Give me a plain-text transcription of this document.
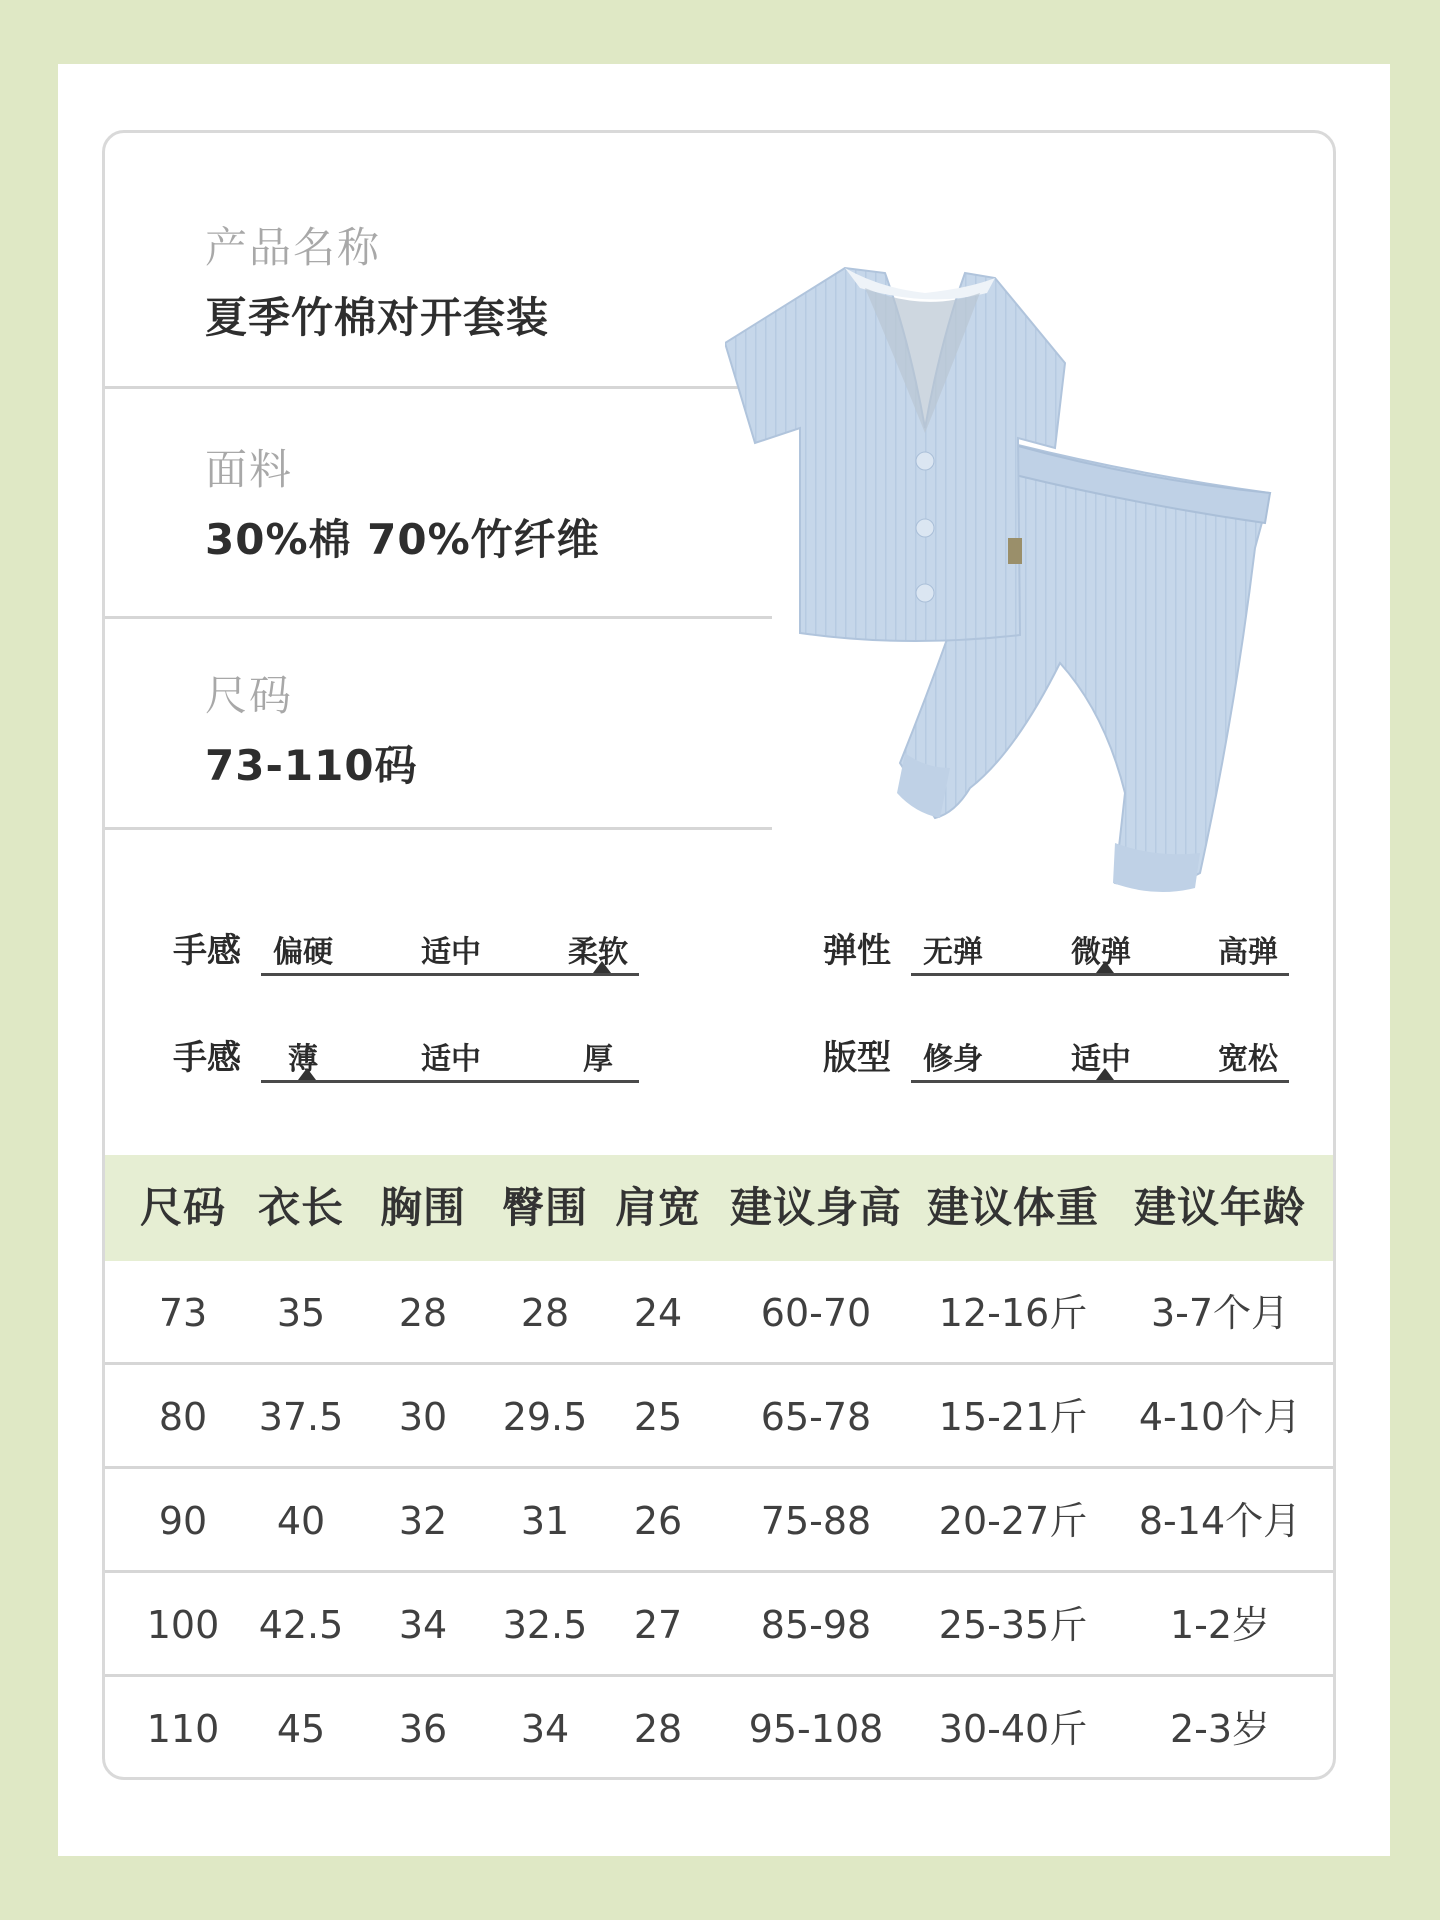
产品名称
夏季竹棉对开套装
面料
30%棉 70%竹纤维
尺码
73-110码
手感 偏硬	适中	柔软	弹性 无弹	微弹	高弹
手感 薄	适中	厚	版型 修身	适中	宽松
尺码 衣长 胸围 臀围 肩宽 建议身高 建议体重 建议年龄
73 35 28 28 24 60-70 12-16斤 3-7个月
80 37.5 30 29.5 25 65-78 15-21斤 4-10个月
90 40 32 31 26 75-88 20-27斤 8-14个月
100 42.5 34 32.5 27 85-98 25-35斤 1-2岁
110 45 36 34 28 95-108 30-40斤 2-3岁
